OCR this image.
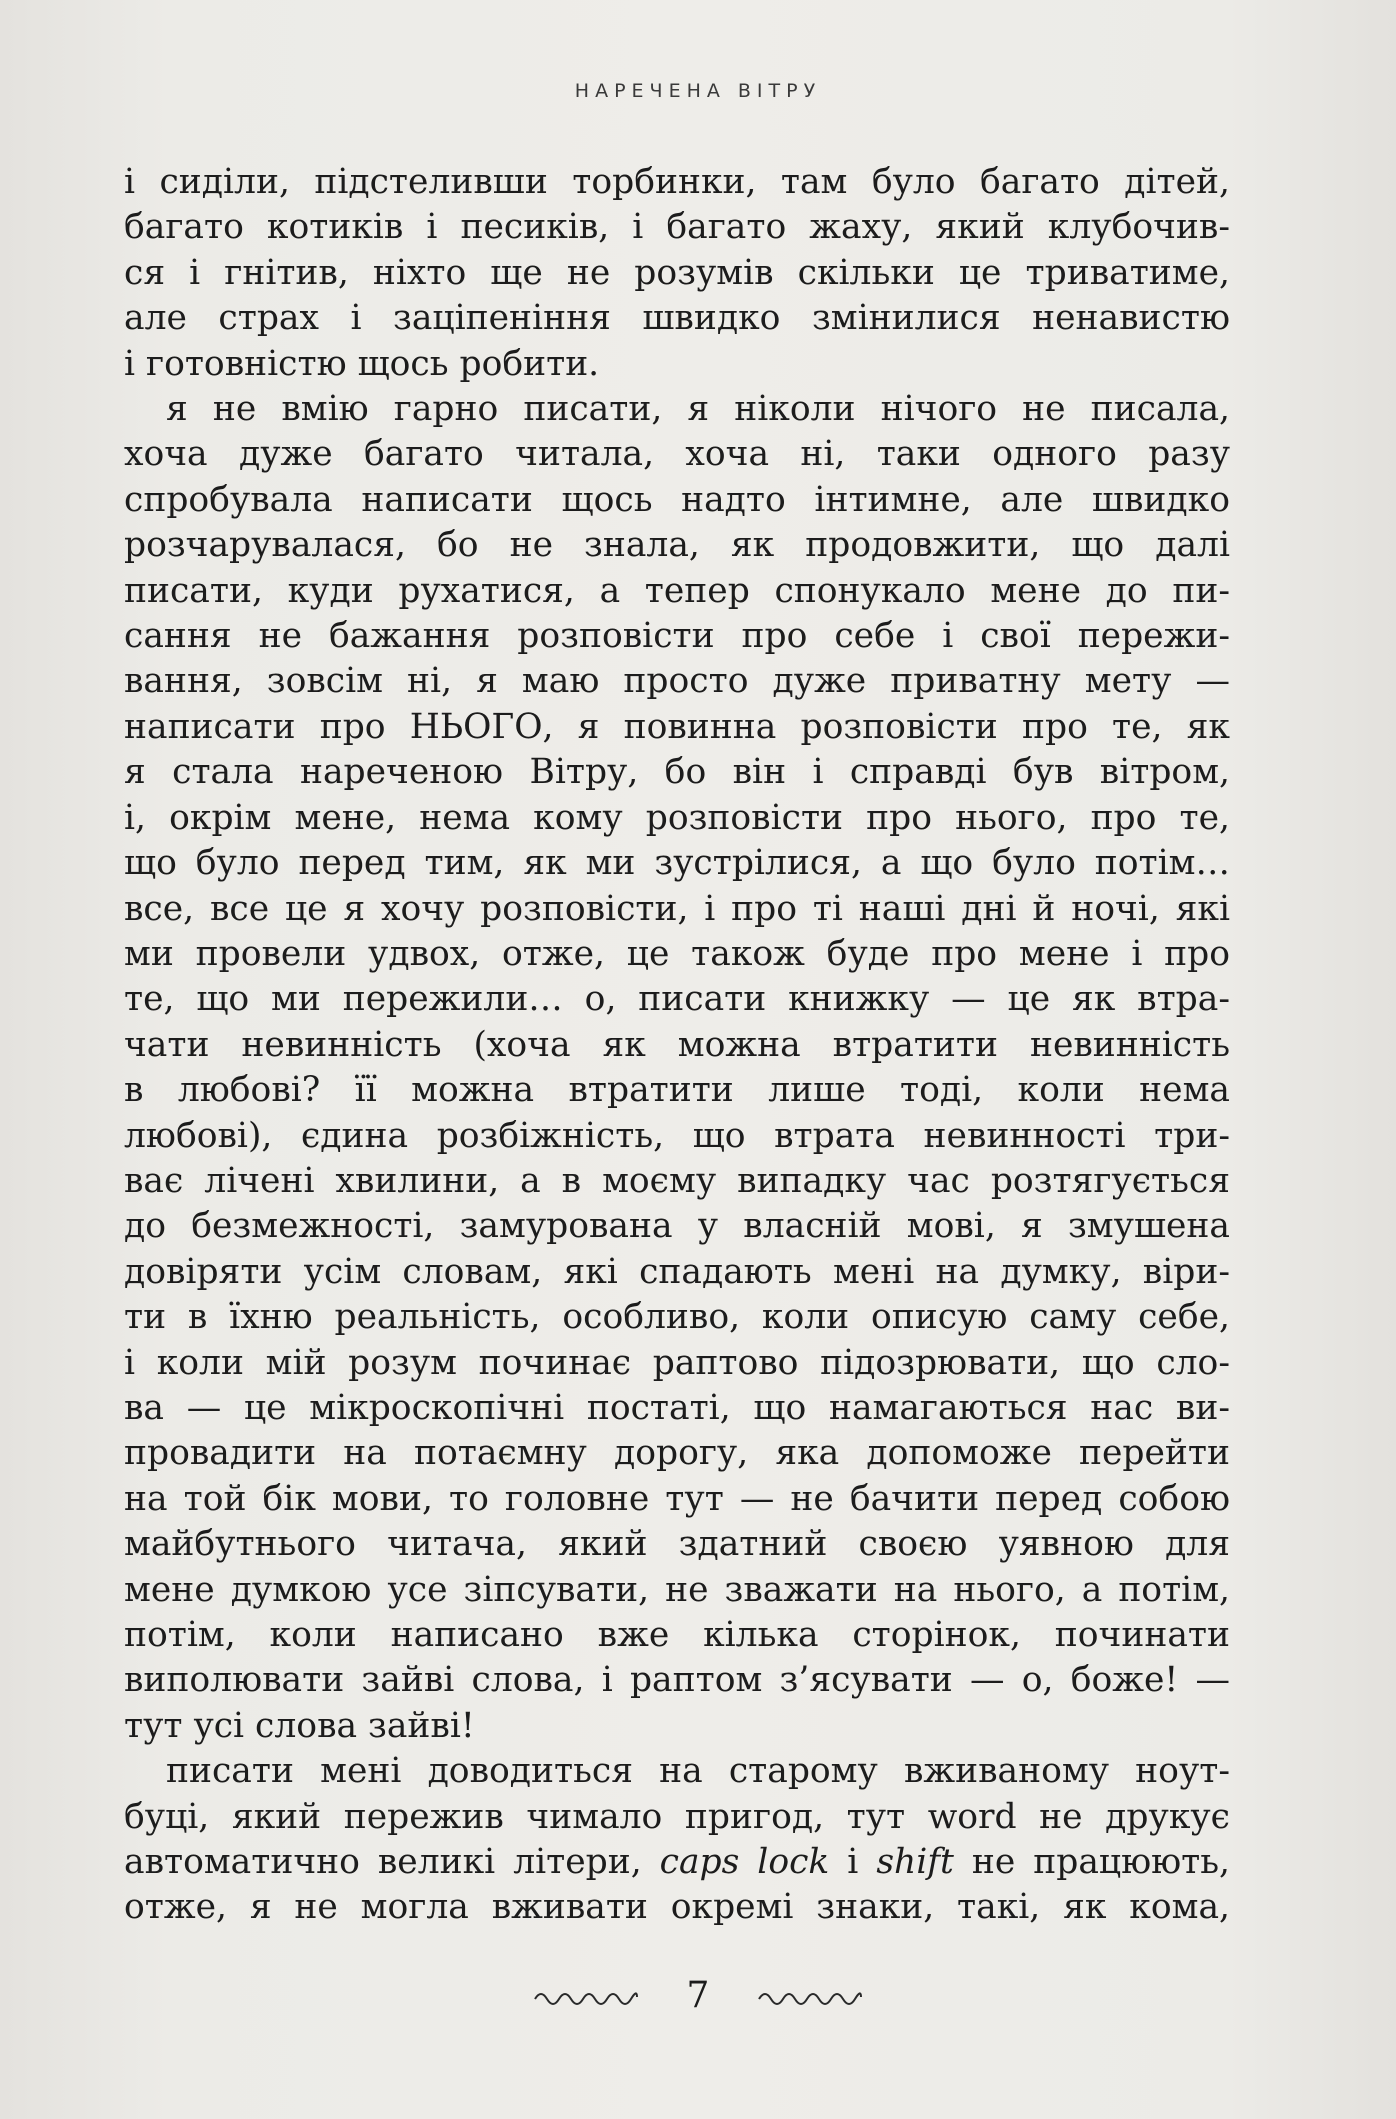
НАРЕЧЕНА ВІТРУ
і сиділи, підстеливши торбинки, там було багато дітей,
багато котиків і песиків, і багато жаху, який клубочив-
ся і гнітив, ніхто ще не розумів скільки це триватиме,
але страх і заціпеніння швидко змінилися ненавистю
і готовністю щось робити.
я не вмію гарно писати, я ніколи нічого не писала,
хоча дуже багато читала, хоча ні, таки одного разу
спробувала написати щось надто інтимне, але швидко
розчарувалася, бо не знала, як продовжити, що далі
писати, куди рухатися, а тепер спонукало мене до пи-
сання не бажання розповісти про себе і свої пережи-
вання, зовсім ні, я маю просто дуже приватну мету —
написати про НЬОГО, я повинна розповісти про те, як
я стала нареченою Вітру, бо він і справді був вітром,
і, окрім мене, нема кому розповісти про нього, про те,
що було перед тим, як ми зустрілися, а що було потім…
все, все це я хочу розповісти, і про ті наші дні й ночі, які
ми провели удвох, отже, це також буде про мене і про
те, що ми пережили… о, писати книжку — це як втра-
чати невинність (хоча як можна втратити невинність
в любові? її можна втратити лише тоді, коли нема
любові), єдина розбіжність, що втрата невинності три-
ває лічені хвилини, а в моєму випадку час розтягується
до безмежності, замурована у власній мові, я змушена
довіряти усім словам, які спадають мені на думку, віри-
ти в їхню реальність, особливо, коли описую саму себе,
і коли мій розум починає раптово підозрювати, що сло-
ва — це мікроскопічні постаті, що намагаються нас ви-
провадити на потаємну дорогу, яка допоможе перейти
на той бік мови, то головне тут — не бачити перед собою
майбутнього читача, який здатний своєю уявною для
мене думкою усе зіпсувати, не зважати на нього, а потім,
потім, коли написано вже кілька сторінок, починати
виполювати зайві слова, і раптом з’ясувати — о, боже! —
тут усі слова зайві!
писати мені доводиться на старому вживаному ноут-
буці, який пережив чимало пригод, тут word не друкує
автоматично великі літери, caps lock і shift не працюють,
отже, я не могла вживати окремі знаки, такі, як кома,
7
